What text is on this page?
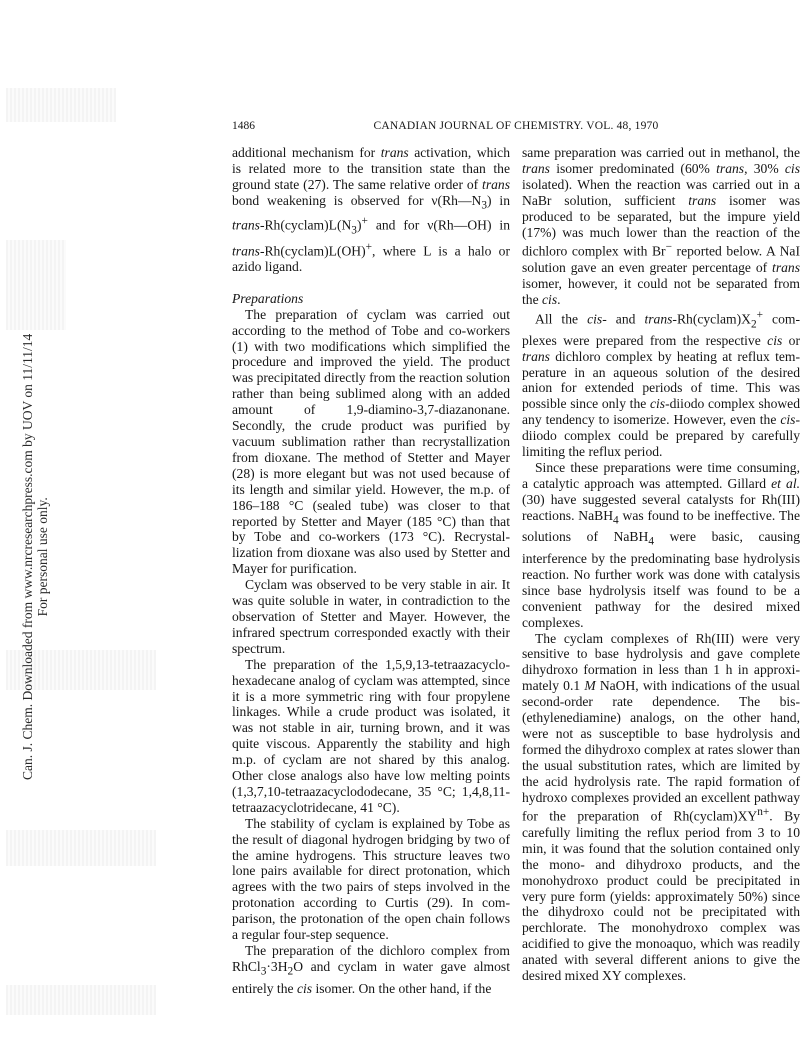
Can. J. Chem. Downloaded from www.nrcresearchpress.com by UOV on 11/11/14 For personal use only.
1486	CANADIAN JOURNAL OF CHEMISTRY. VOL. 48, 1970

additional mechanism for trans activation, which is related more to the transition state than the ground state (27). The same relative order of trans bond weakening is observed for $\nu(Rh—N_3)$ in trans-$Rh(cyclam)L(N_3)^+$ and for ν(Rh—OH) in trans-Rh(cyclam)L(OH)+, where L is a halo or azido ligand.

Preparations

The preparation of cyclam was carried out according to the method of Tobe and co-workers (1) with two modifications which simplified the procedure and improved the yield. The product was precipitated directly from the reaction solution rather than being sublimed along with an added amount of 1,9-diamino-3,7-diazanonane. Secondly, the crude product was purified by vacuum sublimation rather than recrystallization from dioxane. The method of Stetter and Mayer (28) is more elegant but was not used because of its length and similar yield. However, the m.p. of 186–188 °C (sealed tube) was closer to that reported by Stetter and Mayer (185 °C) than that by Tobe and co-workers (173 °C). Recrystallization from dioxane was also used by Stetter and Mayer for purification.

Cyclam was observed to be very stable in air. It was quite soluble in water, in contradiction to the observation of Stetter and Mayer. However, the infrared spectrum corresponded exactly with their spectrum.

The preparation of the 1,5,9,13-tetraazacyclohexadecane analog of cyclam was attempted, since it is a more symmetric ring with four propylene linkages. While a crude product was isolated, it was not stable in air, turning brown, and it was quite viscous. Apparently the stability and high m.p. of cyclam are not shared by this analog. Other close analogs also have low melting points (1,3,7,10-tetraazacyclododecane, 35 °C; 1,4,8,11-tetraazacyclotridecane, 41 °C).

The stability of cyclam is explained by Tobe as the result of diagonal hydrogen bridging by two of the amine hydrogens. This structure leaves two lone pairs available for direct protonation, which agrees with the two pairs of steps involved in the protonation according to Curtis (29). In comparison, the protonation of the open chain follows a regular four-step sequence.

The preparation of the dichloro complex from $RhCl_3\cdot 3H_2O$ and cyclam in water gave almost entirely the cis isomer. On the other hand, if the

same preparation was carried out in methanol, the trans isomer predominated (60% trans, 30% cis isolated). When the reaction was carried out in a NaBr solution, sufficient trans isomer was produced to be separated, but the impure yield (17%) was much lower than the reaction of the dichloro complex with Br− reported below. A NaI solution gave an even greater percentage of trans isomer, however, it could not be separated from the cis.

All the cis- and trans-$Rh(cyclam)X_2^+$ complexes were prepared from the respective cis or trans dichloro complex by heating at reflux temperature in an aqueous solution of the desired anion for extended periods of time. This was possible since only the cis-diiodo complex showed any tendency to isomerize. However, even the cis-diiodo complex could be prepared by carefully limiting the reflux period.

Since these preparations were time consuming, a catalytic approach was attempted. Gillard et al. (30) have suggested several catalysts for Rh(III) reactions. NaBH$_4$ was found to be ineffective. The solutions of NaBH$_4$ were basic, causing interference by the predominating base hydrolysis reaction. No further work was done with catalysis since base hydrolysis itself was found to be a convenient pathway for the desired mixed complexes.

The cyclam complexes of Rh(III) were very sensitive to base hydrolysis and gave complete dihydroxo formation in less than 1 h in approximately 0.1 M NaOH, with indications of the usual second-order rate dependence. The bis(ethylenediamine) analogs, on the other hand, were not as susceptible to base hydrolysis and formed the dihydroxo complex at rates slower than the usual substitution rates, which are limited by the acid hydrolysis rate. The rapid formation of hydroxo complexes provided an excellent pathway for the preparation of $Rh(cyclam)XY^{n+}$. By carefully limiting the reflux period from 3 to 10 min, it was found that the solution contained only the mono- and dihydroxo products, and the monohydroxo product could be precipitated in very pure form (yields: approximately 50%) since the dihydroxo could not be precipitated with perchlorate. The monohydroxo complex was acidified to give the monoaquo, which was readily anated with several different anions to give the desired mixed XY complexes.
